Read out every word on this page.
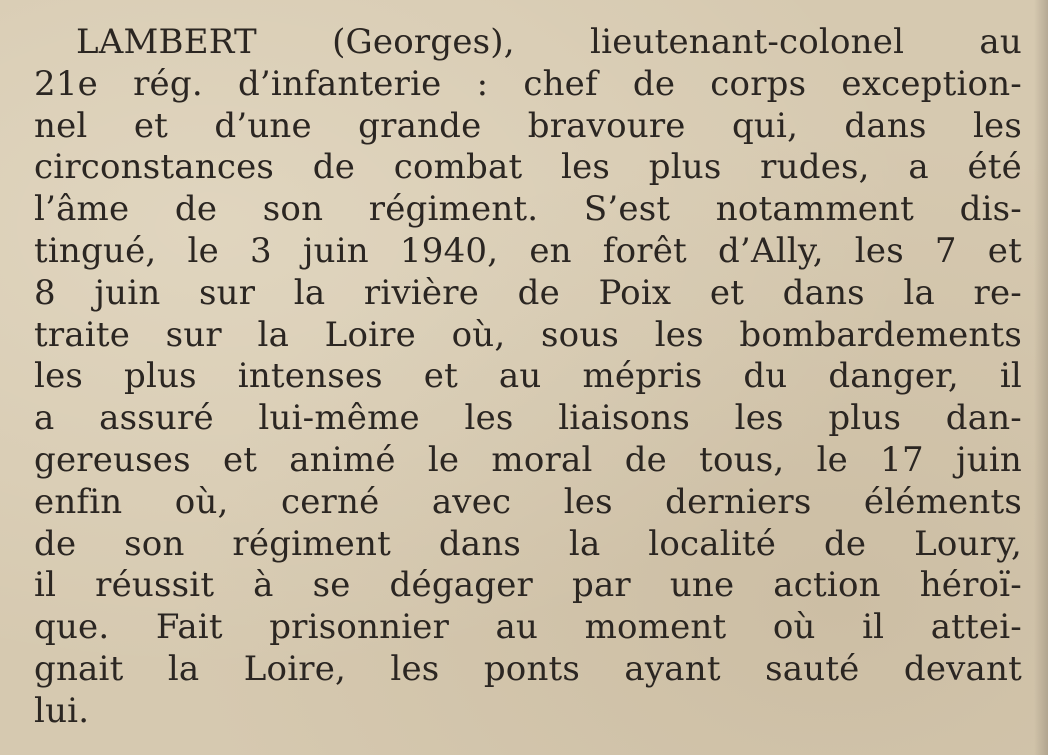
LAMBERT (Georges), lieutenant-colonel au
21e rég. d’infanterie : chef de corps exception-
nel et d’une grande bravoure qui, dans les
circonstances de combat les plus rudes, a été
l’âme de son régiment. S’est notamment dis-
tingué, le 3 juin 1940, en forêt d’Ally, les 7 et
8 juin sur la rivière de Poix et dans la re-
traite sur la Loire où, sous les bombardements
les plus intenses et au mépris du danger, il
a assuré lui-même les liaisons les plus dan-
gereuses et animé le moral de tous, le 17 juin
enfin où, cerné avec les derniers éléments
de son régiment dans la localité de Loury,
il réussit à se dégager par une action héroï-
que. Fait prisonnier au moment où il attei-
gnait la Loire, les ponts ayant sauté devant
lui.
